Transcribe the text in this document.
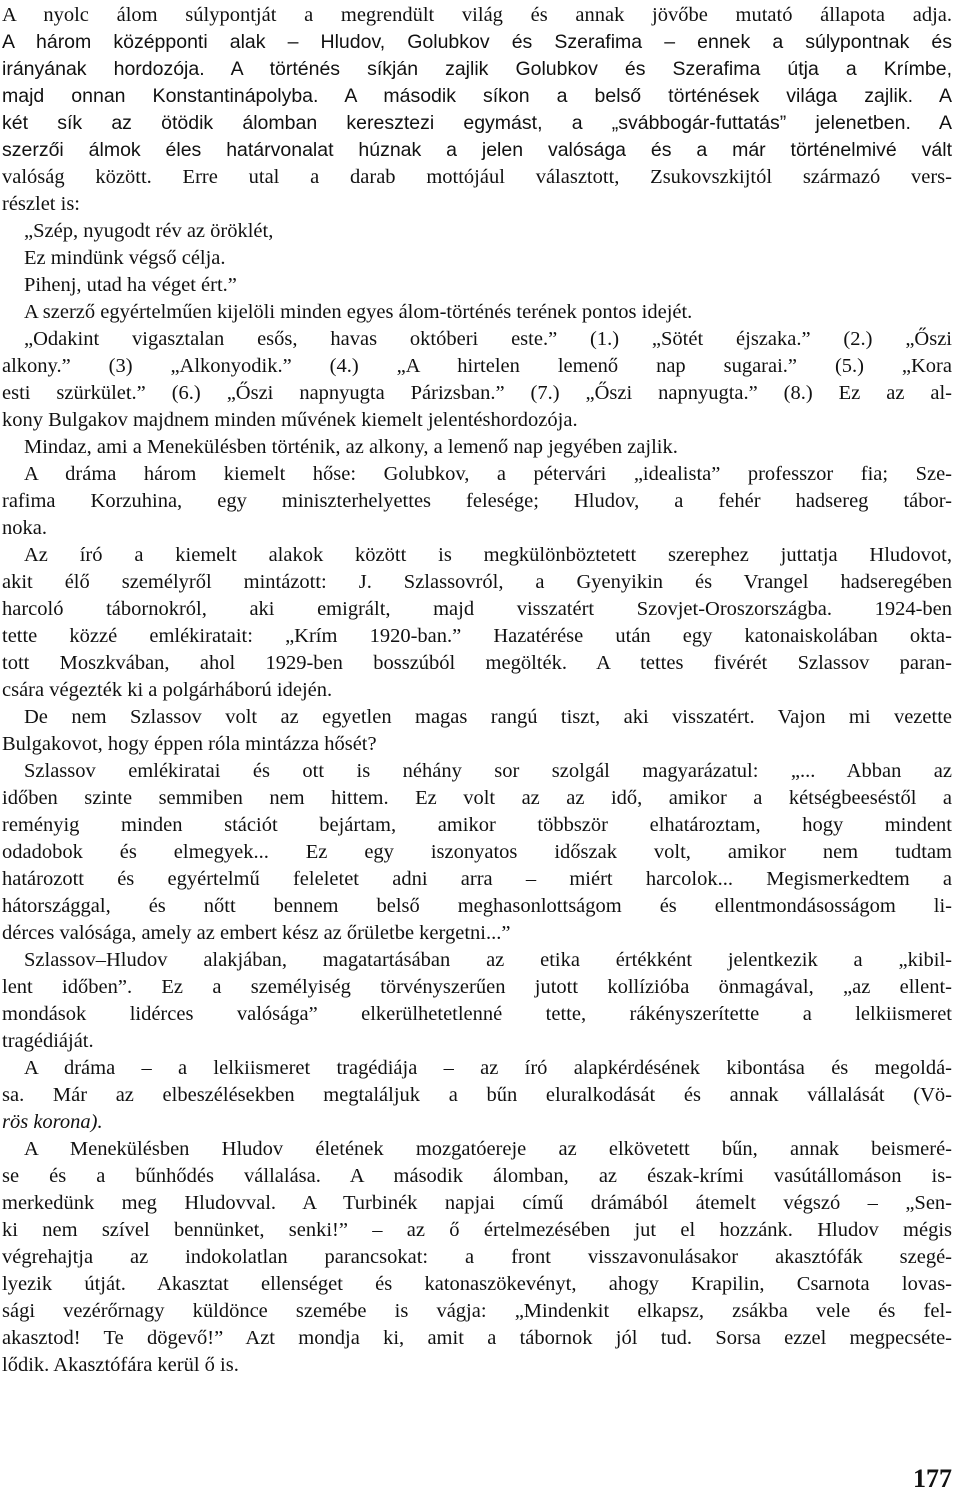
A nyolc álom súlypontját a megrendült világ és annak jövőbe mutató állapota adja.
A három középponti alak – Hludov, Golubkov és Szerafima – ennek a súlypontnak és
irányának hordozója. A történés síkján zajlik Golubkov és Szerafima útja a Krímbe,
majd onnan Konstantinápolyba. A második síkon a belső történések világa zajlik. A
két sík az ötödik álomban keresztezi egymást, a „svábbogár-futtatás” jelenetben. A
szerzői álmok éles határvonalat húznak a jelen valósága és a már történelmivé vált
valóság között. Erre utal a darab mottójául választott, Zsukovszkijtól származó vers-
részlet is:
„Szép, nyugodt rév az öröklét,
Ez mindünk végső célja.
Pihenj, utad ha véget ért.”
A szerző egyértelműen kijelöli minden egyes álom-történés terének pontos idejét.
„Odakint vigasztalan esős, havas októberi este.” (1.) „Sötét éjszaka.” (2.) „Őszi
alkony.” (3) „Alkonyodik.” (4.) „A hirtelen lemenő nap sugarai.” (5.) „Kora
esti szürkület.” (6.) „Őszi napnyugta Párizsban.” (7.) „Őszi napnyugta.” (8.) Ez az al-
kony Bulgakov majdnem minden művének kiemelt jelentéshordozója.
Mindaz, ami a Menekülésben történik, az alkony, a lemenő nap jegyében zajlik.
A dráma három kiemelt hőse: Golubkov, a pétervári „idealista” professzor fia; Sze-
rafima Korzuhina, egy miniszterhelyettes felesége; Hludov, a fehér hadsereg tábor-
noka.
Az író a kiemelt alakok között is megkülönböztetett szerephez juttatja Hludovot,
akit élő személyről mintázott: J. Szlassovról, a Gyenyikin és Vrangel hadseregében
harcoló tábornokról, aki emigrált, majd visszatért Szovjet-Oroszországba. 1924-ben
tette közzé emlékiratait: „Krím 1920-ban.” Hazatérése után egy katonaiskolában okta-
tott Moszkvában, ahol 1929-ben bosszúból megölték. A tettes fivérét Szlassov paran-
csára végezték ki a polgárháború idején.
De nem Szlassov volt az egyetlen magas rangú tiszt, aki visszatért. Vajon mi vezette
Bulgakovot, hogy éppen róla mintázza hősét?
Szlassov emlékiratai és ott is néhány sor szolgál magyarázatul: „... Abban az
időben szinte semmiben nem hittem. Ez volt az az idő, amikor a kétségbeeséstől a
reményig minden stációt bejártam, amikor többször elhatároztam, hogy mindent
odadobok és elmegyek... Ez egy iszonyatos időszak volt, amikor nem tudtam
határozott és egyértelmű feleletet adni arra – miért harcolok... Megismerkedtem a
hátországgal, és nőtt bennem belső meghasonlottságom és ellentmondásosságom li-
dérces valósága, amely az embert kész az őrületbe kergetni...”
Szlassov–Hludov alakjában, magatartásában az etika értékként jelentkezik a „kibil-
lent időben”. Ez a személyiség törvényszerűen jutott kollízióba önmagával, „az ellent-
mondások lidérces valósága” elkerülhetetlenné tette, rákényszerítette a lelkiismeret
tragédiáját.
A dráma – a lelkiismeret tragédiája – az író alapkérdésének kibontása és megoldá-
sa. Már az elbeszélésekben megtaláljuk a bűn eluralkodását és annak vállalását (Vö-
rös korona).
A Menekülésben Hludov életének mozgatóereje az elkövetett bűn, annak beismeré-
se és a bűnhődés vállalása. A második álomban, az észak-krími vasútállomáson is-
merkedünk meg Hludovval. A Turbinék napjai című drámából átemelt végszó – „Sen-
ki nem szível bennünket, senki!” – az ő értelmezésében jut el hozzánk. Hludov mégis
végrehajtja az indokolatlan parancsokat: a front visszavonulásakor akasztófák szegé-
lyezik útját. Akasztat ellenséget és katonaszökevényt, ahogy Krapilin, Csarnota lovas-
sági vezérőrnagy küldönce szemébe is vágja: „Mindenkit elkapsz, zsákba vele és fel-
akasztod! Te dögevő!” Azt mondja ki, amit a tábornok jól tud. Sorsa ezzel megpecséte-
lődik. Akasztófára kerül ő is.
177
